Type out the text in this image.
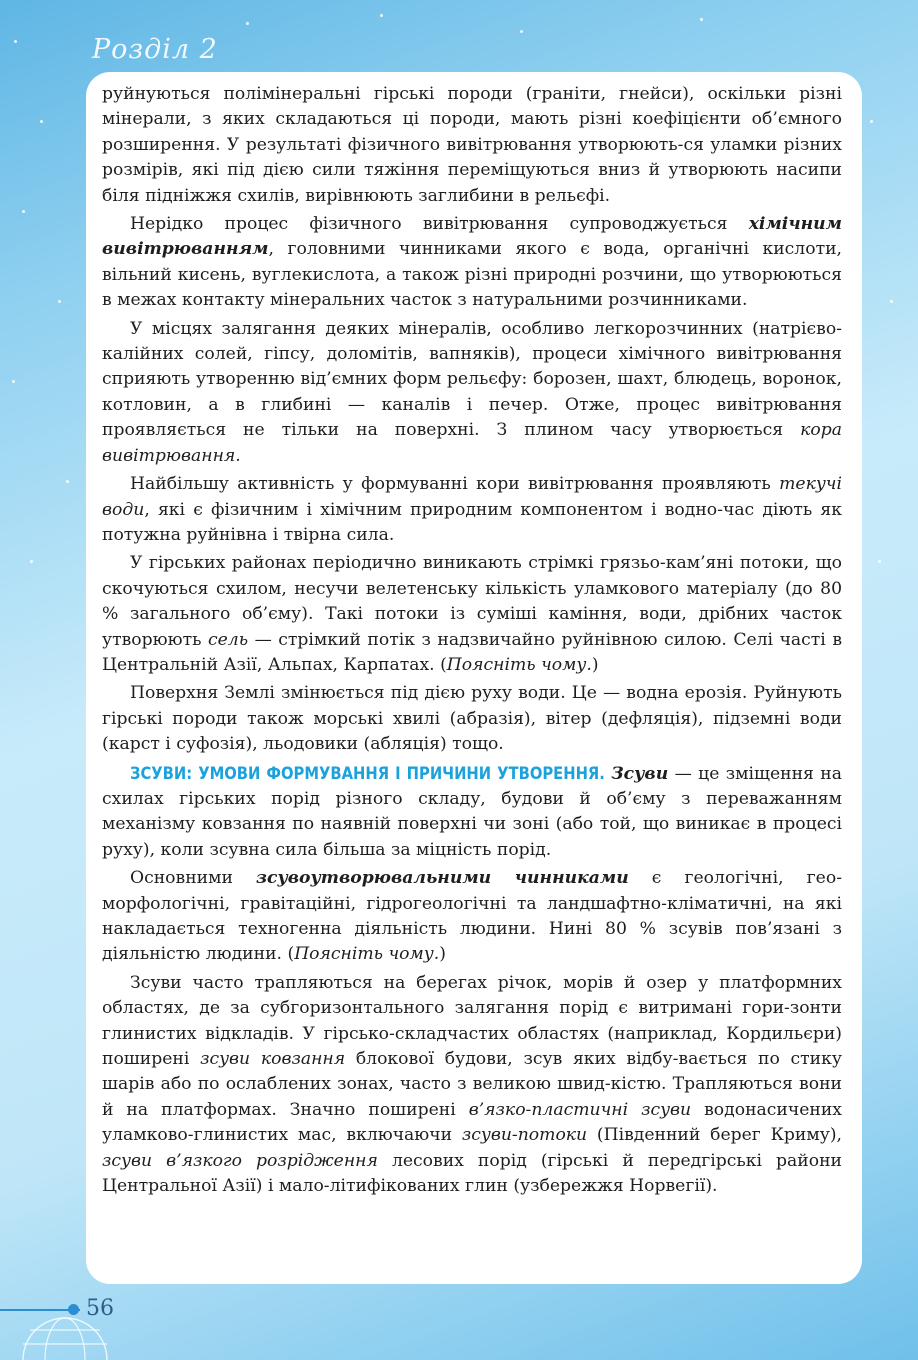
Розділ 2

руйнуються полімінеральні гірські породи (граніти, гнейси), оскільки різні мінерали, з яких складаються ці породи, мають різні коефіцієнти об’ємного розширення. У результаті фізичного вивітрювання утворюють-ся уламки різних розмірів, які під дією сили тяжіння переміщуються вниз й утворюють насипи біля підніжжя схилів, вирівнюють заглибини в рельєфі.

Нерідко процес фізичного вивітрювання супроводжується хімічним вивітрюванням, головними чинниками якого є вода, органічні кислоти, вільний кисень, вуглекислота, а також різні природні розчини, що утворюються в межах контакту мінеральних часток з натуральними розчинниками.

У місцях залягання деяких мінералів, особливо легкорозчинних (натрієво-калійних солей, гіпсу, доломітів, вапняків), процеси хімічного вивітрювання сприяють утворенню від’ємних форм рельєфу: борозен, шахт, блюдець, воронок, котловин, а в глибині — каналів і печер. Отже, процес вивітрювання проявляється не тільки на поверхні. З плином часу утворюється кора вивітрювання.

Найбільшу активність у формуванні кори вивітрювання проявляють текучі води, які є фізичним і хімічним природним компонентом і водно-час діють як потужна руйнівна і твірна сила.

У гірських районах періодично виникають стрімкі грязьо-кам’яні потоки, що скочуються схилом, несучи велетенську кількість уламкового матеріалу (до 80 % загального об’єму). Такі потоки із суміші каміння, води, дрібних часток утворюють сель — стрімкий потік з надзвичайно руйнівною силою. Селі часті в Центральній Азії, Альпах, Карпатах. (Поясніть чому.)

Поверхня Землі змінюється під дією руху води. Це — водна ерозія. Руйнують гірські породи також морські хвилі (абразія), вітер (дефляція), підземні води (карст і суфозія), льодовики (абляція) тощо.

ЗСУВИ: УМОВИ ФОРМУВАННЯ І ПРИЧИНИ УТВОРЕННЯ. Зсуви — це зміщення на схилах гірських порід різного складу, будови й об’єму з переважанням механізму ковзання по наявній поверхні чи зоні (або той, що виникає в процесі руху), коли зсувна сила більша за міцність порід.

Основними зсувоутворювальними чинниками є геологічні, гео-морфологічні, гравітаційні, гідрогеологічні та ландшафтно-кліматичні, на які накладається техногенна діяльність людини. Нині 80 % зсувів пов’язані з діяльністю людини. (Поясніть чому.)

Зсуви часто трапляються на берегах річок, морів й озер у платформних областях, де за субгоризонтального залягання порід є витримані гори-зонти глинистих відкладів. У гірсько-складчастих областях (наприклад, Кордильєри) поширені зсуви ковзання блокової будови, зсув яких відбу-вається по стику шарів або по ослаблених зонах, часто з великою швид-кістю. Трапляються вони й на платформах. Значно поширені в’язко-пластичні зсуви водонасичених уламково-глинистих мас, включаючи зсуви-потоки (Південний берег Криму), зсуви в’язкого розрідження лесових порід (гірські й передгірські райони Центральної Азії) і мало-літифікованих глин (узбережжя Норвегії).

56
